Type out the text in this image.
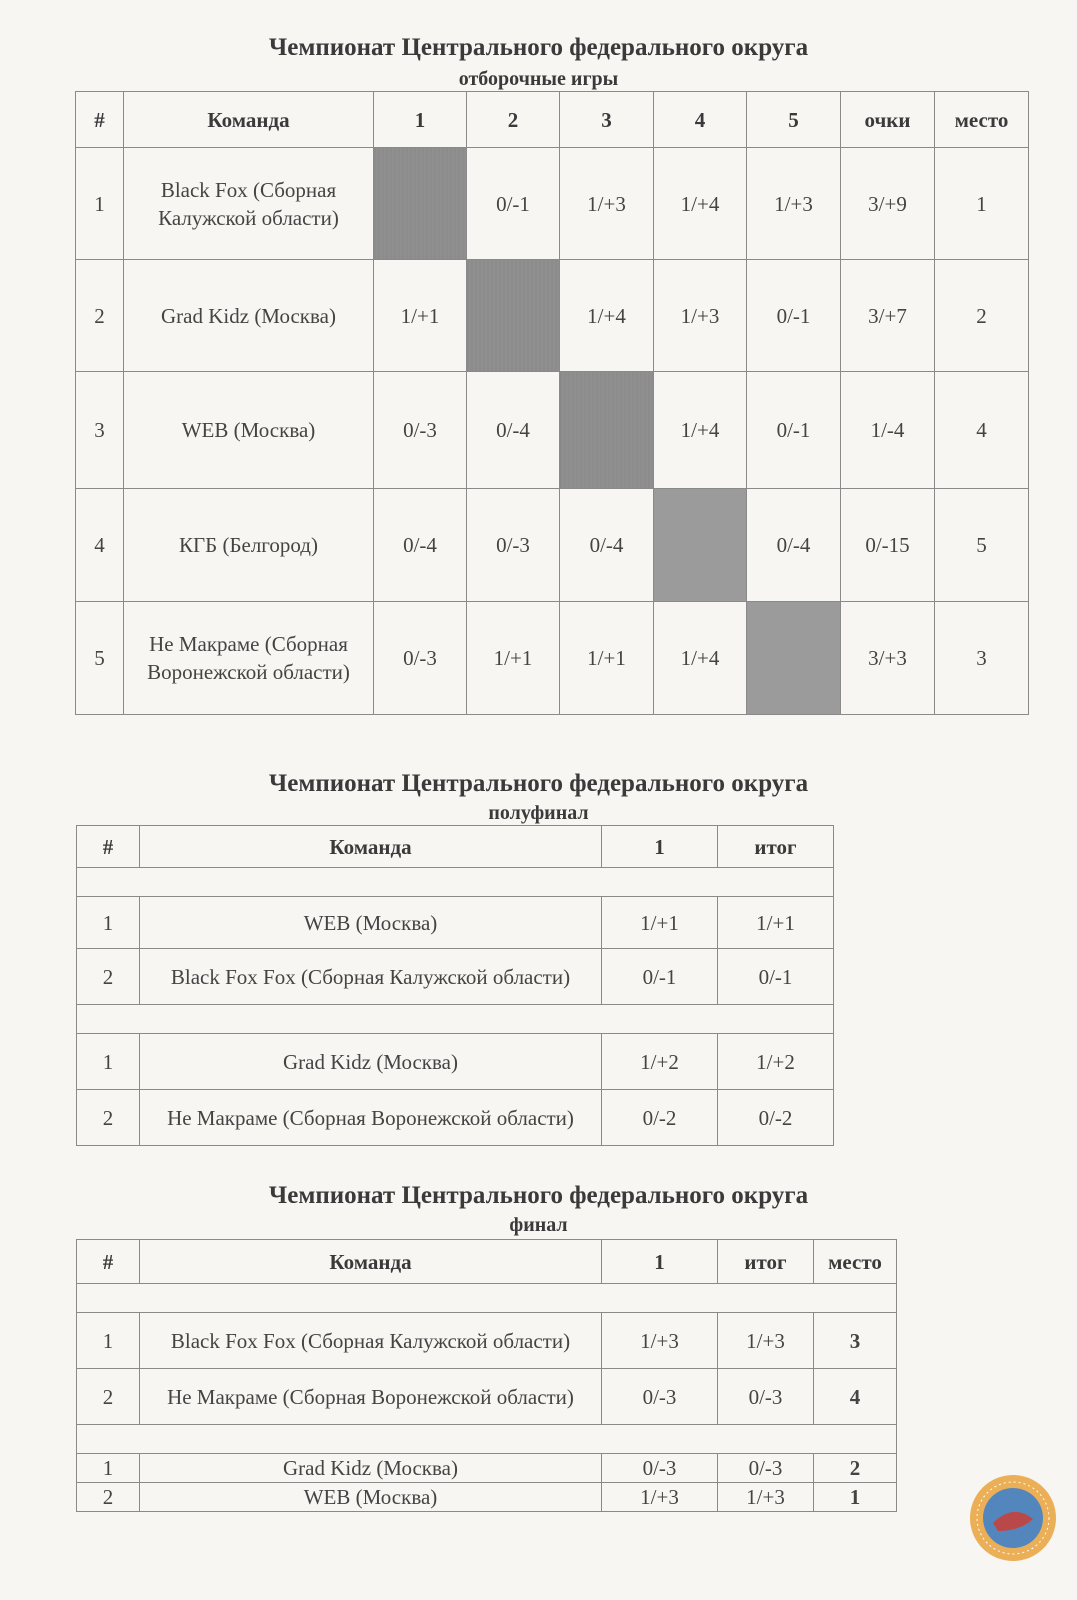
Чемпионат Центрального федерального округа
отборочные игры
#	Команда	1	2	3	4	5	очки	место
1	Black Fox (Сборная Калужской области)		0/-1	1/+3	1/+4	1/+3	3/+9	1
2	Grad Kidz (Москва)	1/+1		1/+4	1/+3	0/-1	3/+7	2
3	WEB (Москва)	0/-3	0/-4		1/+4	0/-1	1/-4	4
4	КГБ (Белгород)	0/-4	0/-3	0/-4		0/-4	0/-15	5
5	Не Макраме (Сборная Воронежской области)	0/-3	1/+1	1/+1	1/+4		3/+3	3
Чемпионат Центрального федерального округа
полуфинал
#	Команда	1	итог

1	WEB (Москва)	1/+1	1/+1
2	Black Fox Fox (Сборная Калужской области)	0/-1	0/-1

1	Grad Kidz (Москва)	1/+2	1/+2
2	Не Макраме (Сборная Воронежской области)	0/-2	0/-2
Чемпионат Центрального федерального округа
финал
#	Команда	1	итог	место

1	Black Fox Fox (Сборная Калужской области)	1/+3	1/+3	3
2	Не Макраме (Сборная Воронежской области)	0/-3	0/-3	4

1	Grad Kidz (Москва)	0/-3	0/-3	2
2	WEB (Москва)	1/+3	1/+3	1
